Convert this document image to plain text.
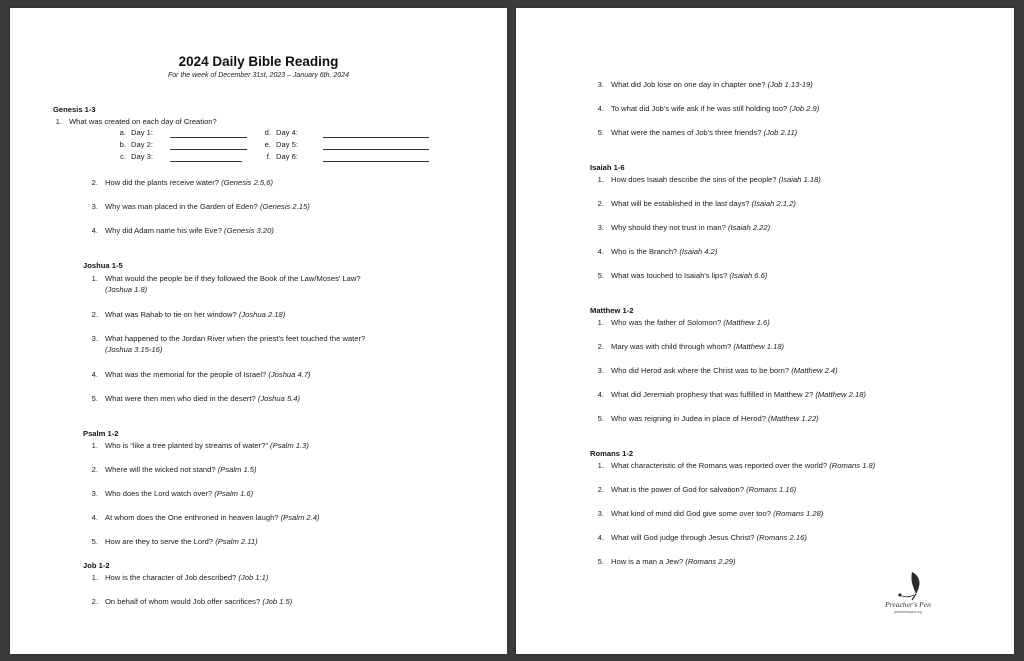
2024 Daily Bible Reading
For the week of December 31st, 2023 – January 6th, 2024
Genesis 1-3
1. What was created on each day of Creation?
a. Day 1:
b. Day 2:
c. Day 3:
d. Day 4:
e. Day 5:
f. Day 6:
2. How did the plants receive water? (Genesis 2.5,6)
3. Why was man placed in the Garden of Eden? (Genesis 2.15)
4. Why did Adam name his wife Eve? (Genesis 3.20)
Joshua 1-5
1. What would the people be if they followed the Book of the Law/Moses' Law?
(Joshua 1.8)
2. What was Rahab to tie on her window? (Joshua 2.18)
3. What happened to the Jordan River when the priest's feet touched the water?
(Joshua 3.15-16)
4. What was the memorial for the people of Israel? (Joshua 4.7)
5. What were then men who died in the desert? (Joshua 5.4)
Psalm 1-2
1. Who is “like a tree planted by streams of water?” (Psalm 1.3)
2. Where will the wicked not stand? (Psalm 1.5)
3. Who does the Lord watch over? (Psalm 1.6)
4. At whom does the One enthroned in heaven laugh? (Psalm 2.4)
5. How are they to serve the Lord? (Psalm 2.11)
Job 1-2
1. How is the character of Job described? (Job 1:1)
2. On behalf of whom would Job offer sacrifices? (Job 1.5)
3. What did Job lose on one day in chapter one? (Job 1.13-19)
4. To what did Job's wife ask if he was still holding too? (Job 2.9)
5. What were the names of Job's three friends? (Job 2.11)
Isaiah 1-6
1. How does Isaiah describe the sins of the people? (Isaiah 1.18)
2. What will be established in the last days? (Isaiah 2:1,2)
3. Why should they not trust in man? (Isaiah 2.22)
4. Who is the Branch? (Isaiah 4.2)
5. What was touched to Isaiah's lips? (Isaiah 6.6)
Matthew 1-2
1. Who was the father of Solomon? (Matthew 1.6)
2. Mary was with child through whom? (Matthew 1.18)
3. Who did Herod ask where the Christ was to be born? (Matthew 2.4)
4. What did Jeremiah prophesy that was fulfilled in Matthew 2? (Matthew 2.18)
5. Who was reigning in Judea in place of Herod? (Matthew 1.22)
Romans 1-2
1. What characteristic of the Romans was reported over the world? (Romans 1.8)
2. What is the power of God for salvation? (Romans 1.16)
3. What kind of mind did God give some over too? (Romans 1.28)
4. What will God judge through Jesus Christ? (Romans 2.16)
5. How is a man a Jew? (Romans 2.29)
Preacher's Pen
preacherspen.org
